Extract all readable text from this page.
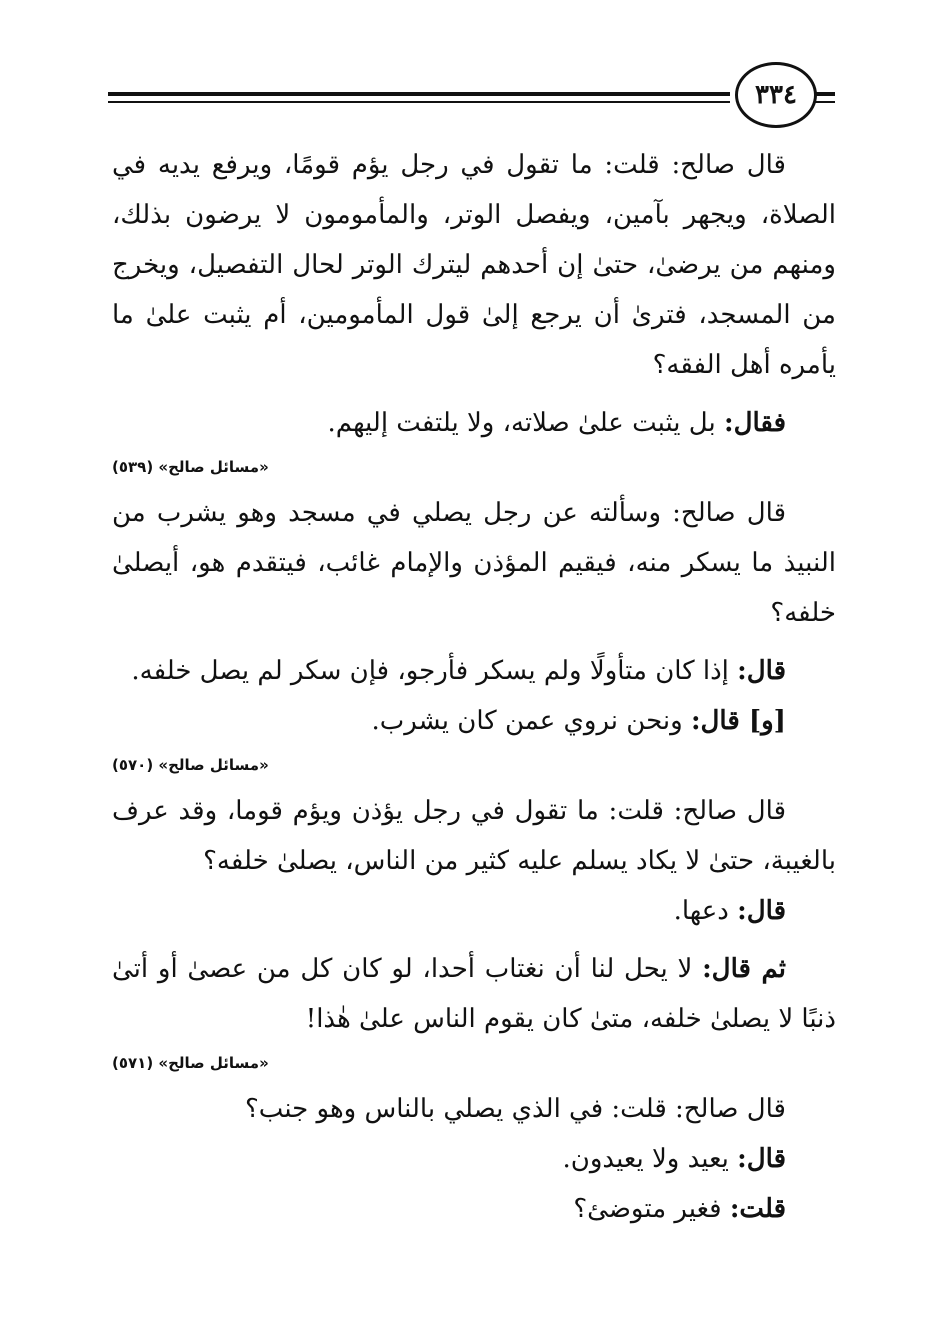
٣٣٤

قال صالح: قلت: ما تقول في رجل يؤم قومًا، ويرفع يديه في الصلاة، ويجهر بآمين، ويفصل الوتر، والمأمومون لا يرضون بذلك، ومنهم من يرضىٰ، حتىٰ إن أحدهم ليترك الوتر لحال التفصيل، ويخرج من المسجد، فترىٰ أن يرجع إلىٰ قول المأمومين، أم يثبت علىٰ ما يأمره أهل الفقه؟

فقال: بل يثبت علىٰ صلاته، ولا يلتفت إليهم.

«مسائل صالح» (٥٣٩)

قال صالح: وسألته عن رجل يصلي في مسجد وهو يشرب من النبيذ ما يسكر منه، فيقيم المؤذن والإمام غائب، فيتقدم هو، أيصلىٰ خلفه؟

قال: إذا كان متأولًا ولم يسكر فأرجو، فإن سكر لم يصل خلفه.

[و] قال: ونحن نروي عمن كان يشرب.

«مسائل صالح» (٥٧٠)

قال صالح: قلت: ما تقول في رجل يؤذن ويؤم قوما، وقد عرف بالغيبة، حتىٰ لا يكاد يسلم عليه كثير من الناس، يصلىٰ خلفه؟

قال: دعها.

ثم قال: لا يحل لنا أن نغتاب أحدا، لو كان كل من عصىٰ أو أتىٰ ذنبًا لا يصلىٰ خلفه، متىٰ كان يقوم الناس علىٰ هٰذا!

«مسائل صالح» (٥٧١)

قال صالح: قلت: في الذي يصلي بالناس وهو جنب؟

قال: يعيد ولا يعيدون.

قلت: فغير متوضئ؟
